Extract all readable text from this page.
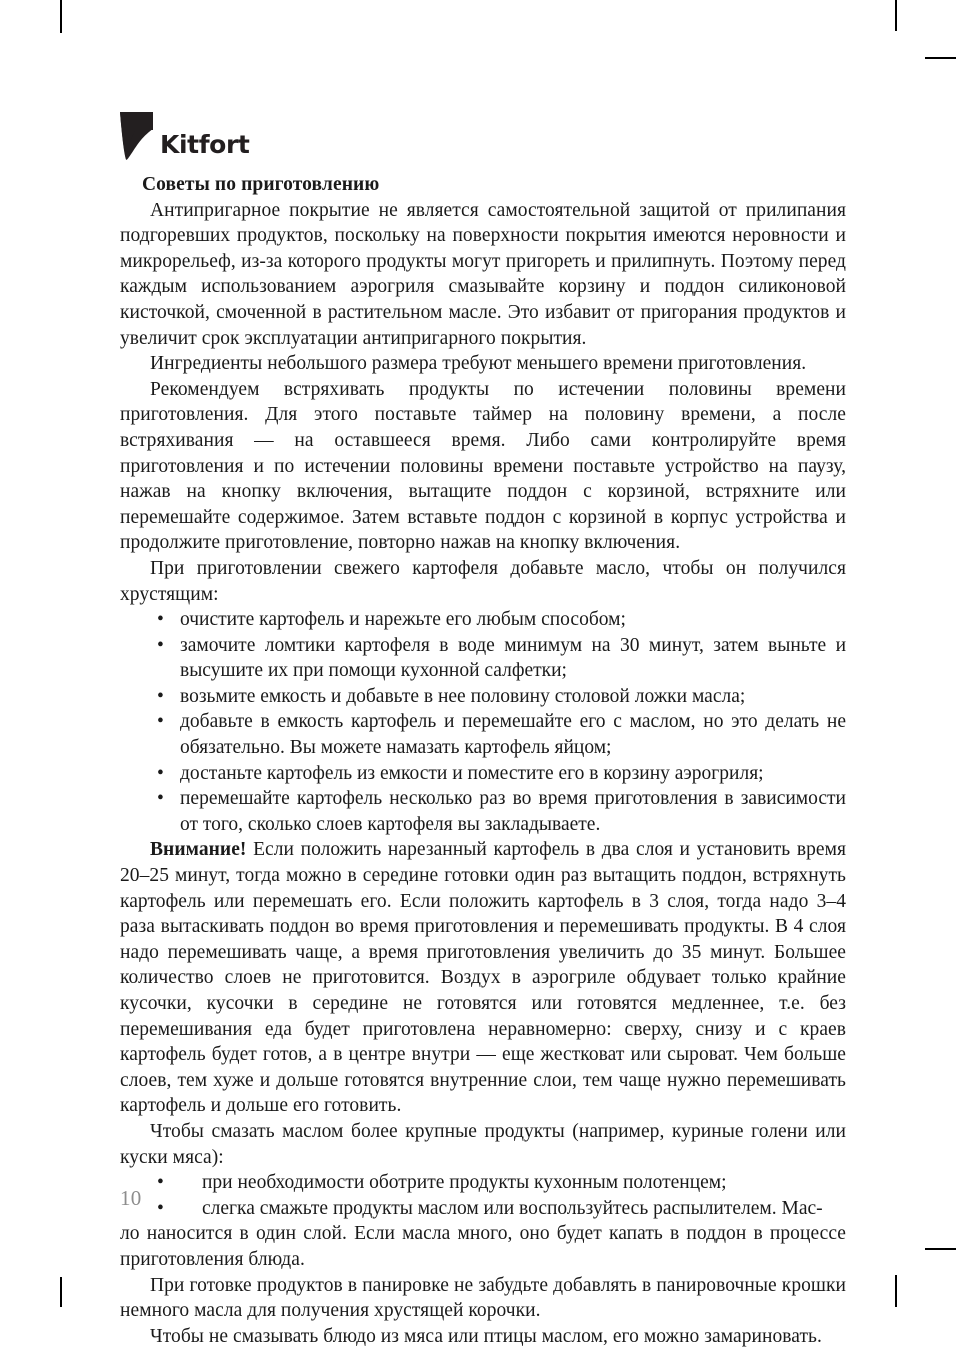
Kitfort
Советы по приготовлению

Антипригарное покрытие не является самостоятельной защитой от прилипания подгоревших продуктов, поскольку на поверхности покрытия имеются неровности и микрорельеф, из-за которого продукты могут пригореть и прилипнуть. Поэтому перед каждым использованием аэрогриля смазывайте корзину и поддон силиконовой кисточкой, смоченной в растительном масле. Это избавит от пригорания продуктов и увеличит срок эксплуатации антипригарного покрытия.

Ингредиенты небольшого размера требуют меньшего времени приготовления.

Рекомендуем встряхивать продукты по истечении половины времени приготовления. Для этого поставьте таймер на половину времени, а после встряхивания — на оставшееся время. Либо сами контролируйте время приготовления и по истечении половины времени поставьте устройство на паузу, нажав на кнопку включения, вытащите поддон с корзиной, встряхните или перемешайте содержимое. Затем вставьте поддон с корзиной в корпус устройства и продолжите приготовление, повторно нажав на кнопку включения.

При приготовлении свежего картофеля добавьте масло, чтобы он получился хрустящим:

• очистите картофель и нарежьте его любым способом;
• замочите ломтики картофеля в воде минимум на 30 минут, затем выньте и высушите их при помощи кухонной салфетки;
• возьмите емкость и добавьте в нее половину столовой ложки масла;
• добавьте в емкость картофель и перемешайте его с маслом, но это делать не обязательно. Вы можете намазать картофель яйцом;
• достаньте картофель из емкости и поместите его в корзину аэрогриля;
• перемешайте картофель несколько раз во время приготовления в зависимости от того, сколько слоев картофеля вы закладываете.

Внимание! Если положить нарезанный картофель в два слоя и установить время 20–25 минут, тогда можно в середине готовки один раз вытащить поддон, встряхнуть картофель или перемешать его. Если положить картофель в 3 слоя, тогда надо 3–4 раза вытаскивать поддон во время приготовления и перемешивать продукты. В 4 слоя надо перемешивать чаще, а время приготовления увеличить до 35 минут. Большее количество слоев не приготовится. Воздух в аэрогриле обдувает только крайние кусочки, кусочки в середине не готовятся или готовятся медленнее, т.е. без перемешивания еда будет приготовлена неравномерно: сверху, снизу и с краев картофель будет готов, а в центре внутри — еще жестковат или сыроват. Чем больше слоев, тем хуже и дольше готовятся внутренние слои, тем чаще нужно перемешивать картофель и дольше его готовить.

Чтобы смазать маслом более крупные продукты (например, куриные голени или куски мяса):

• при необходимости оботрите продукты кухонным полотенцем;
• слегка смажьте продукты маслом или воспользуйтесь распылителем. Мас-

ло наносится в один слой. Если масла много, оно будет капать в поддон в процессе приготовления блюда.

При готовке продуктов в панировке не забудьте добавлять в панировочные крошки немного масла для получения хрустящей корочки.

Чтобы не смазывать блюдо из мяса или птицы маслом, его можно замариновать.

10
